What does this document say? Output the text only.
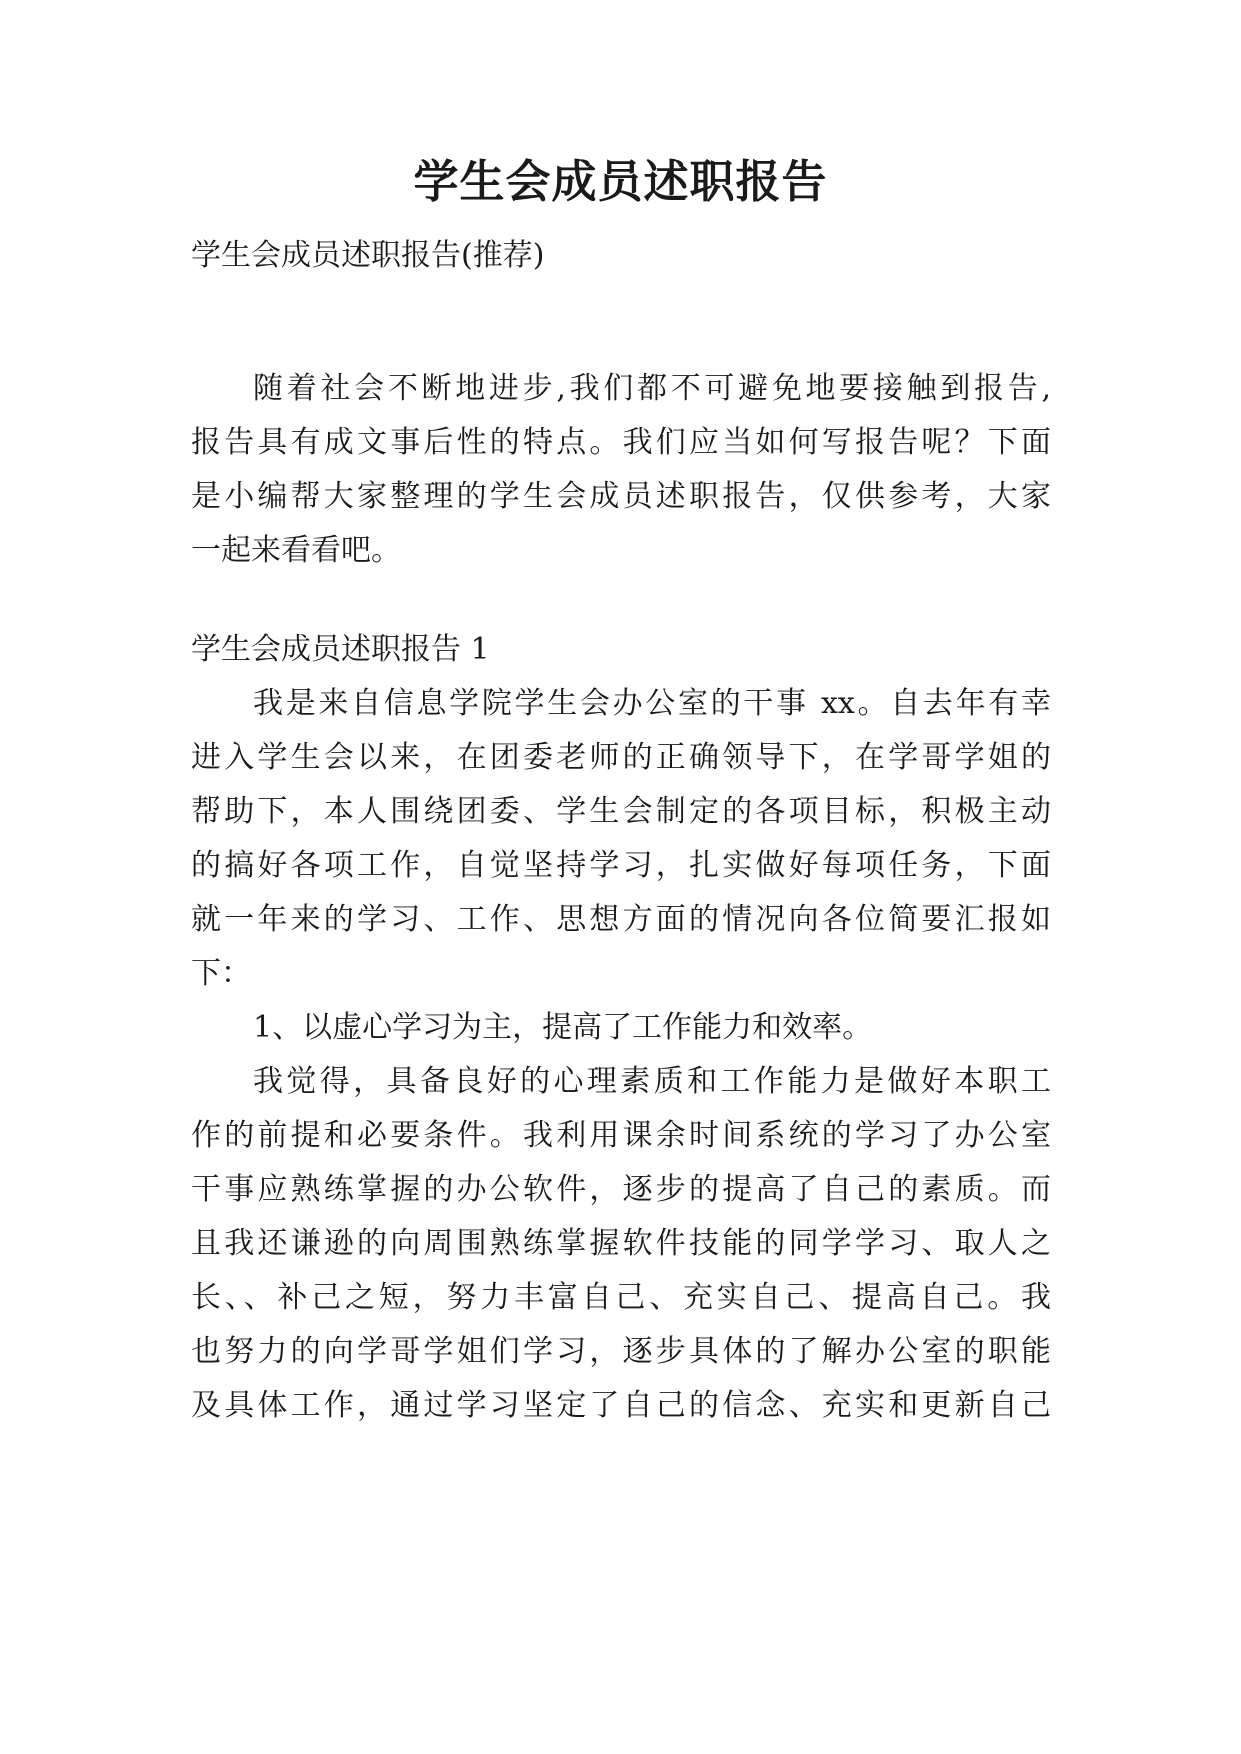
学生会成员述职报告

学生会成员述职报告(推荐)

随着社会不断地进步,我们都不可避免地要接触到报告,

报告具有成文事后性的特点。我们应当如何写报告呢？下面

是小编帮大家整理的学生会成员述职报告，仅供参考，大家

一起来看看吧。

学生会成员述职报告 1

我是来自信息学院学生会办公室的干事 xx。自去年有幸

进入学生会以来，在团委老师的正确领导下，在学哥学姐的

帮助下，本人围绕团委、学生会制定的各项目标，积极主动

的搞好各项工作，自觉坚持学习，扎实做好每项任务，下面

就一年来的学习、工作、思想方面的情况向各位简要汇报如

下：

1、以虚心学习为主，提高了工作能力和效率。

我觉得，具备良好的心理素质和工作能力是做好本职工

作的前提和必要条件。我利用课余时间系统的学习了办公室

干事应熟练掌握的办公软件，逐步的提高了自己的素质。而

且我还谦逊的向周围熟练掌握软件技能的同学学习、取人之

长、、补己之短，努力丰富自己、充实自己、提高自己。我

也努力的向学哥学姐们学习，逐步具体的了解办公室的职能

及具体工作，通过学习坚定了自己的信念、充实和更新自己
